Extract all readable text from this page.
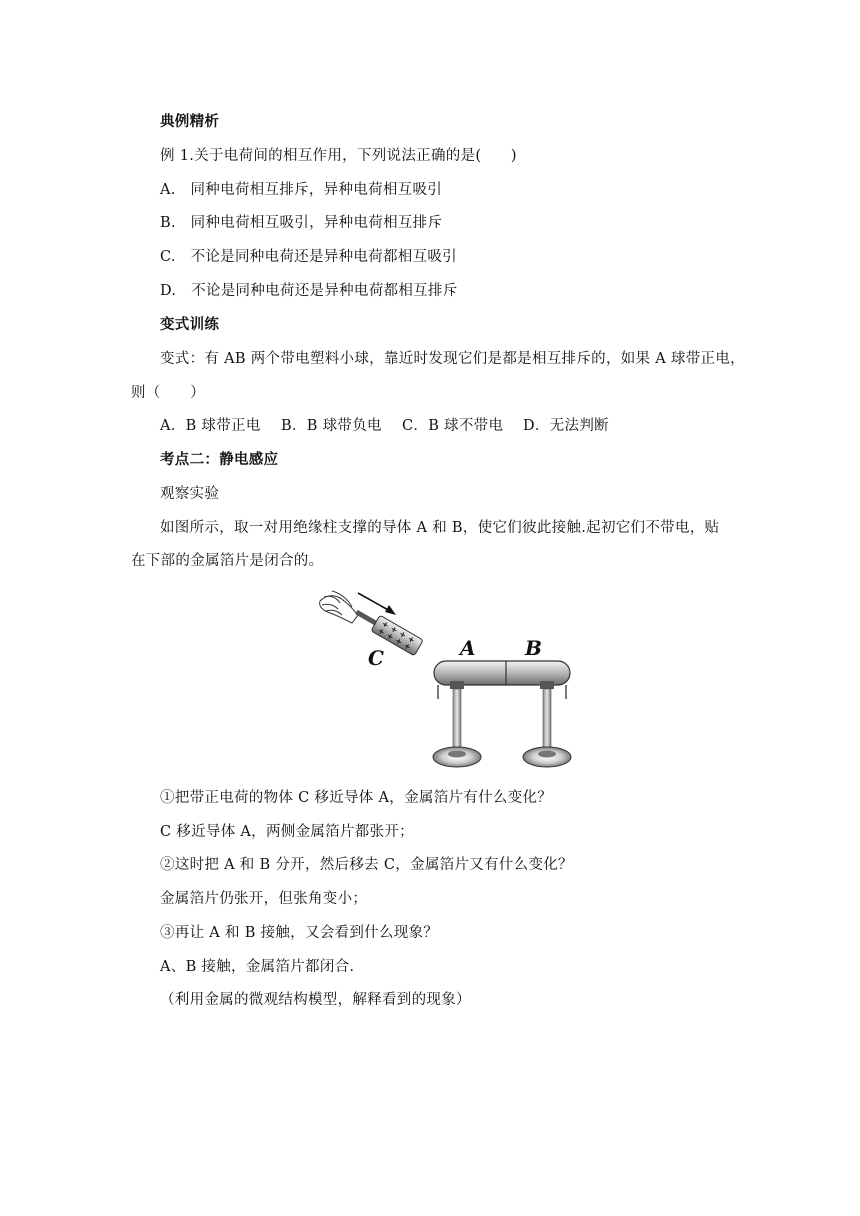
典例精析
例 1.关于电荷间的相互作用，下列说法正确的是(　　)
A.　同种电荷相互排斥，异种电荷相互吸引
B.　同种电荷相互吸引，异种电荷相互排斥
C.　不论是同种电荷还是异种电荷都相互吸引
D.　不论是同种电荷还是异种电荷都相互排斥
变式训练
变式：有 AB 两个带电塑料小球，靠近时发现它们是都是相互排斥的，如果 A 球带正电，
则（　　）
A．B 球带正电 B．B 球带负电 C．B 球不带电 D．无法判断
考点二：静电感应
观察实验
如图所示，取一对用绝缘柱支撑的导体 A 和 B，使它们彼此接触.起初它们不带电，贴
在下部的金属箔片是闭合的。
+
+
+
+
+
+
+
+
C	A B
①把带正电荷的物体 C 移近导体 A，金属箔片有什么变化？
C 移近导体 A，两侧金属箔片都张开；
②这时把 A 和 B 分开，然后移去 C，金属箔片又有什么变化？
金属箔片仍张开，但张角变小；
③再让 A 和 B 接触，又会看到什么现象？
A、B 接触，金属箔片都闭合.
（利用金属的微观结构模型，解释看到的现象）
